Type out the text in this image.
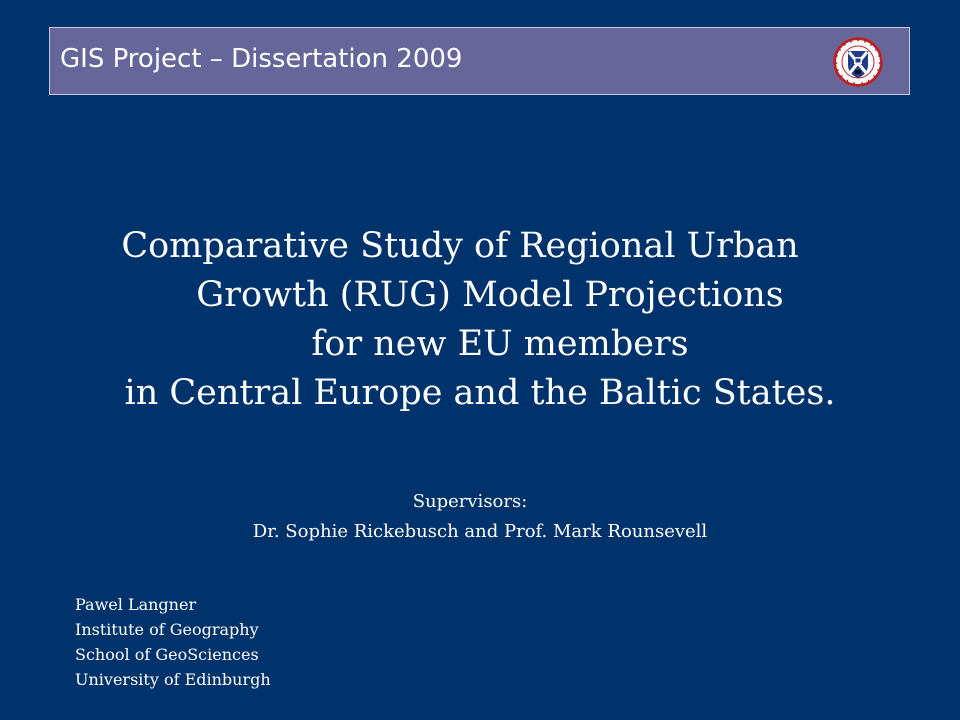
GIS Project – Dissertation 2009
Comparative Study of Regional Urban
Growth (RUG) Model Projections
for new EU members
in Central Europe and the Baltic States.
Supervisors:
Dr. Sophie Rickebusch and Prof. Mark Rounsevell
Pawel Langner
Institute of Geography
School of GeoSciences
University of Edinburgh
